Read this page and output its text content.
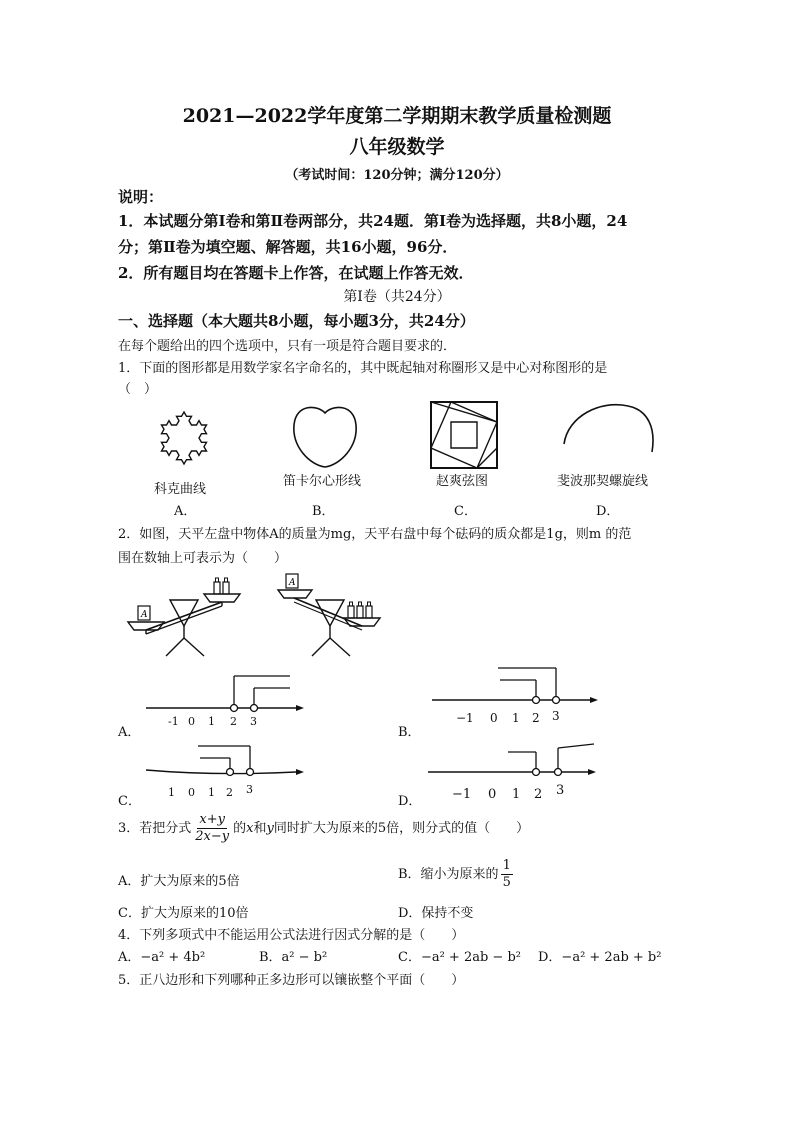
2021—2022学年度第二学期期末教学质量检测题
八年级数学
（考试时间：120分钟；满分120分）
说明：
1．本试题分第Ⅰ卷和第Ⅱ卷两部分，共24题．第Ⅰ卷为选择题，共8小题，24
分；第Ⅱ卷为填空题、解答题，共16小题，96分．
2．所有题目均在答题卡上作答，在试题上作答无效．
第Ⅰ卷（共24分）
一、选择题（本大题共8小题，每小题3分，共24分）
在每个题给出的四个选项中，只有一项是符合题目要求的．
1．下面的图形都是用数学家名字命名的，其中既起轴对称圈形又是中心对称图形的是
（　）
科克曲线
笛卡尔心形线	赵爽弦图	斐波那契螺旋线
A．	B．	C．	D．
2．如图，天平左盘中物体A的质量为mg，天平右盘中每个砝码的质众都是1g，则m 的范
围在数轴上可表示为（　　）
A
A
A．
-1 0 1 2 3
B．
−1 0 1 2 3
C．
1 0 1 2 3
D． −1 0 1 2 3
3．若把分式 $\frac{x+y}{2x-y}$ 的x和y同时扩大为原来的5倍，则分式的值（　　）
A．扩大为原来的5倍	B．缩小为原来的 $\frac{1}{5}$
C．扩大为原来的10倍	D．保持不变
4．下列多项式中不能运用公式法进行因式分解的是（　　）
A．−a² + 4b²	B．a² − b²	C．−a² + 2ab − b² D．−a² + 2ab + b²
5．正八边形和下列哪种正多边形可以镶嵌整个平面（　　）
